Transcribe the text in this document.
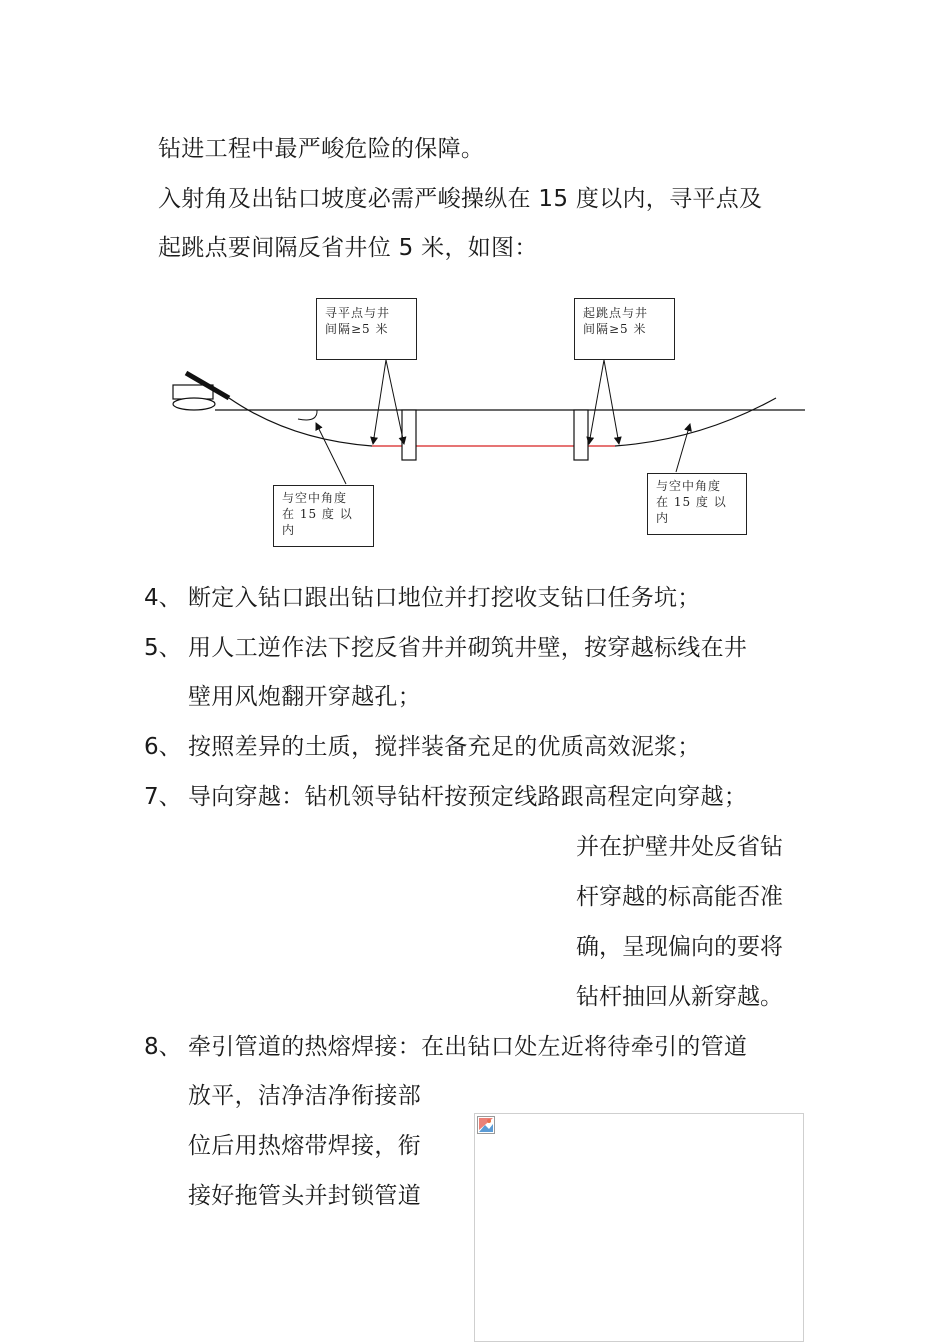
钻进工程中最严峻危险的保障。
入射角及出钻口坡度必需严峻操纵在 15 度以内，寻平点及
起跳点要间隔反省井位 5 米，如图：
寻平点与井
间隔≥5 米
起跳点与井
间隔≥5 米
与空中角度
在 15 度 以
内
与空中角度
在 15 度 以
内
4、 断定入钻口跟出钻口地位并打挖收支钻口任务坑；
5、 用人工逆作法下挖反省井并砌筑井壁，按穿越标线在井
壁用风炮翻开穿越孔；
6、 按照差异的土质，搅拌装备充足的优质高效泥浆；
7、 导向穿越：钻机领导钻杆按预定线路跟高程定向穿越；
并在护壁井处反省钻
杆穿越的标高能否准
确，呈现偏向的要将
钻杆抽回从新穿越。
8、 牵引管道的热熔焊接：在出钻口处左近将待牵引的管道
放平，洁净洁净衔接部
位后用热熔带焊接，衔
接好拖管头并封锁管道
